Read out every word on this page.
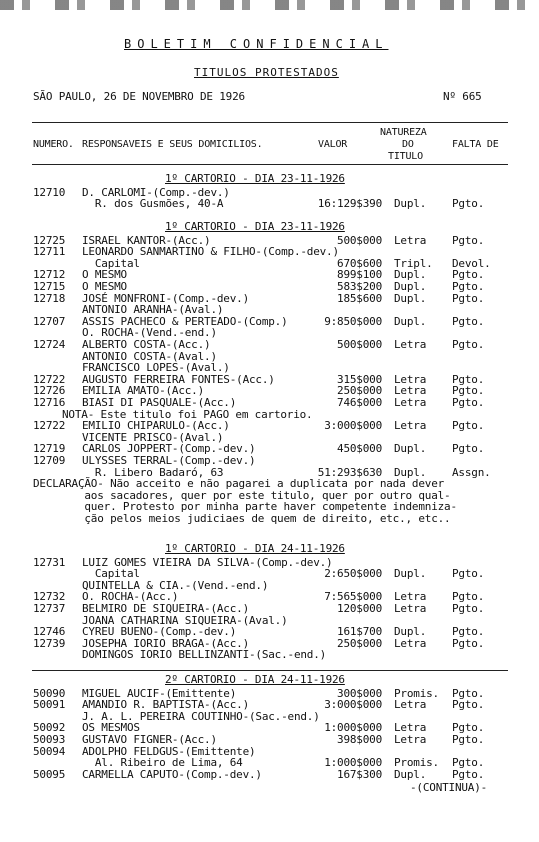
BOLETIM CONFIDENCIAL
TITULOS PROTESTADOS
SÃO PAULO, 26 DE NOVEMBRO DE 1926	Nº 665
NUMERO. RESPONSAVEIS E SEUS DOMICILIOS.	VALOR
NATUREZA
DO
TITULO
FALTA DE
1º CARTORIO - DIA 23-11-1926
12710 D. CARLOMI-(Comp.-dev.)
R. dos Gusmões, 40-A	16:129$390 Dupl. Pgto.
1º CARTORIO - DIA 23-11-1926
12725 ISRAEL KANTOR-(Acc.)	500$000 Letra Pgto.
12711 LEONARDO SANMARTINO & FILHO-(Comp.-dev.)
Capital	670$600 Tripl. Devol.
12712 O MESMO	899$100 Dupl. Pgto.
12715 O MESMO	583$200 Dupl. Pgto.
12718 JOSÉ MONFRONI-(Comp.-dev.)	185$600 Dupl. Pgto.
ANTONIO ARANHA-(Aval.)
12707 ASSIS PACHECO & PERTEADO-(Comp.)	9:850$000 Dupl. Pgto.
O. ROCHA-(Vend.-end.)
12724 ALBERTO COSTA-(Acc.)	500$000 Letra Pgto.
ANTONIO COSTA-(Aval.)
FRANCISCO LOPES-(Aval.)
12722 AUGUSTO FERREIRA FONTES-(Acc.)	315$000 Letra Pgto.
12726 EMILIA AMATO-(Acc.)	250$000 Letra Pgto.
12716 BIASI DI PASQUALE-(Acc.)	746$000 Letra Pgto.
NOTA- Este titulo foi PAGO em cartorio.
12722 EMILIO CHIPARULO-(Acc.)	3:000$000 Letra Pgto.
VICENTE PRISCO-(Aval.)
12719 CARLOS JOPPERT-(Comp.-dev.)	450$000 Dupl. Pgto.
12709 ULYSSES TERRAL-(Comp.-dev.)
R. Libero Badaró, 63	51:293$630 Dupl. Assgn.
DECLARAÇÃO- Não acceito e não pagarei a duplicata por nada dever
aos sacadores, quer por este titulo, quer por outro qual-
quer. Protesto por minha parte haver competente indemniza-
ção pelos meios judiciaes de quem de direito, etc., etc..
1º CARTORIO - DIA 24-11-1926
12731 LUIZ GOMES VIEIRA DA SILVA-(Comp.-dev.)
Capital	2:650$000 Dupl. Pgto.
QUINTELLA & CIA.-(Vend.-end.)
12732 O. ROCHA-(Acc.)	7:565$000 Letra Pgto.
12737 BELMIRO DE SIQUEIRA-(Acc.)	120$000 Letra Pgto.
JOANA CATHARINA SIQUEIRA-(Aval.)
12746 CYREU BUENO-(Comp.-dev.)	161$700 Dupl. Pgto.
12739 JOSEPHA IORIO BRAGA-(Acc.)	250$000 Letra Pgto.
DOMINGOS IORIO BELLINZANTI-(Sac.-end.)
2º CARTORIO - DIA 24-11-1926
50090 MIGUEL AUCIF-(Emittente)	300$000 Promis. Pgto.
50091 AMANDIO R. BAPTISTA-(Acc.)	3:000$000 Letra Pgto.
J. A. L. PEREIRA COUTINHO-(Sac.-end.)
50092 OS MESMOS	1:000$000 Letra Pgto.
50093 GUSTAVO FIGNER-(Acc.)	398$000 Letra Pgto.
50094 ADOLPHO FELDGUS-(Emittente)
Al. Ribeiro de Lima, 64	1:000$000 Promis. Pgto.
50095 CARMELLA CAPUTO-(Comp.-dev.)	167$300 Dupl. Pgto.
-(CONTINUA)-
